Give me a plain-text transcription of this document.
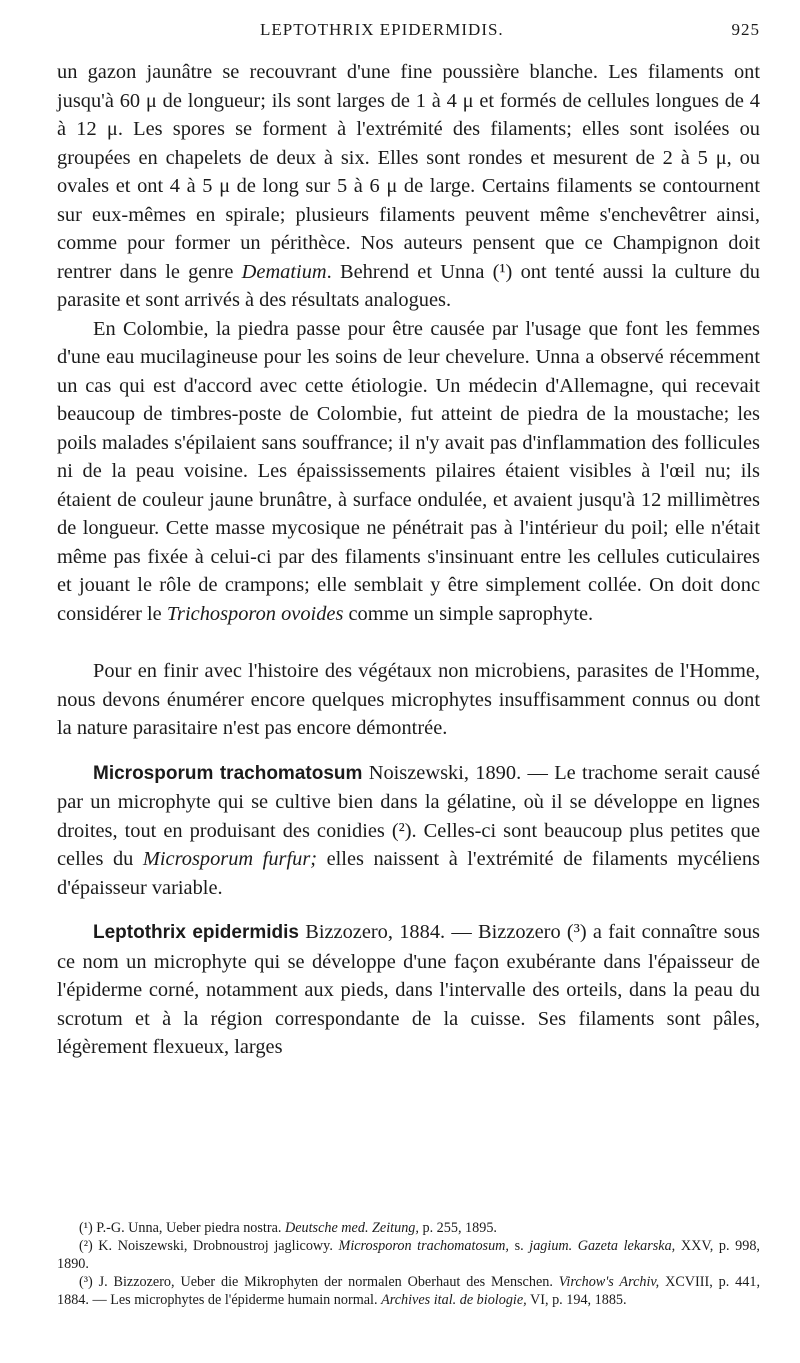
LEPTOTHRIX EPIDERMIDIS.	925

un gazon jaunâtre se recouvrant d'une fine poussière blanche. Les filaments ont jusqu'à 60 μ de longueur; ils sont larges de 1 à 4 μ et formés de cellules longues de 4 à 12 μ. Les spores se forment à l'extrémité des filaments; elles sont isolées ou groupées en chapelets de deux à six. Elles sont rondes et mesurent de 2 à 5 μ, ou ovales et ont 4 à 5 μ de long sur 5 à 6 μ de large. Certains filaments se contournent sur eux-mêmes en spirale; plusieurs filaments peuvent même s'enchevêtrer ainsi, comme pour former un périthèce. Nos auteurs pensent que ce Champignon doit rentrer dans le genre Dematium. Behrend et Unna (¹) ont tenté aussi la culture du parasite et sont arrivés à des résultats analogues.

En Colombie, la piedra passe pour être causée par l'usage que font les femmes d'une eau mucilagineuse pour les soins de leur chevelure. Unna a observé récemment un cas qui est d'accord avec cette étiologie. Un médecin d'Allemagne, qui recevait beaucoup de timbres-poste de Colombie, fut atteint de piedra de la moustache; les poils malades s'épilaient sans souffrance; il n'y avait pas d'inflammation des follicules ni de la peau voisine. Les épaississements pilaires étaient visibles à l'œil nu; ils étaient de couleur jaune brunâtre, à surface ondulée, et avaient jusqu'à 12 millimètres de longueur. Cette masse mycosique ne pénétrait pas à l'intérieur du poil; elle n'était même pas fixée à celui-ci par des filaments s'insinuant entre les cellules cuticulaires et jouant le rôle de crampons; elle semblait y être simplement collée. On doit donc considérer le Trichosporon ovoides comme un simple saprophyte.

Pour en finir avec l'histoire des végétaux non microbiens, parasites de l'Homme, nous devons énumérer encore quelques microphytes insuffisamment connus ou dont la nature parasitaire n'est pas encore démontrée.

Microsporum trachomatosum Noiszewski, 1890. — Le trachome serait causé par un microphyte qui se cultive bien dans la gélatine, où il se développe en lignes droites, tout en produisant des conidies (²). Celles-ci sont beaucoup plus petites que celles du Microsporum furfur; elles naissent à l'extrémité de filaments mycéliens d'épaisseur variable.

Leptothrix epidermidis Bizzozero, 1884. — Bizzozero (³) a fait connaître sous ce nom un microphyte qui se développe d'une façon exubérante dans l'épaisseur de l'épiderme corné, notamment aux pieds, dans l'intervalle des orteils, dans la peau du scrotum et à la région correspondante de la cuisse. Ses filaments sont pâles, légèrement flexueux, larges

(¹) P.-G. Unna, Ueber piedra nostra. Deutsche med. Zeitung, p. 255, 1895.

(²) K. Noiszewski, Drobnoustroj jaglicowy. Microsporon trachomatosum, s. jagium. Gazeta lekarska, XXV, p. 998, 1890.

(³) J. Bizzozero, Ueber die Mikrophyten der normalen Oberhaut des Menschen. Virchow's Archiv, XCVIII, p. 441, 1884. — Les microphytes de l'épiderme humain normal. Archives ital. de biologie, VI, p. 194, 1885.
